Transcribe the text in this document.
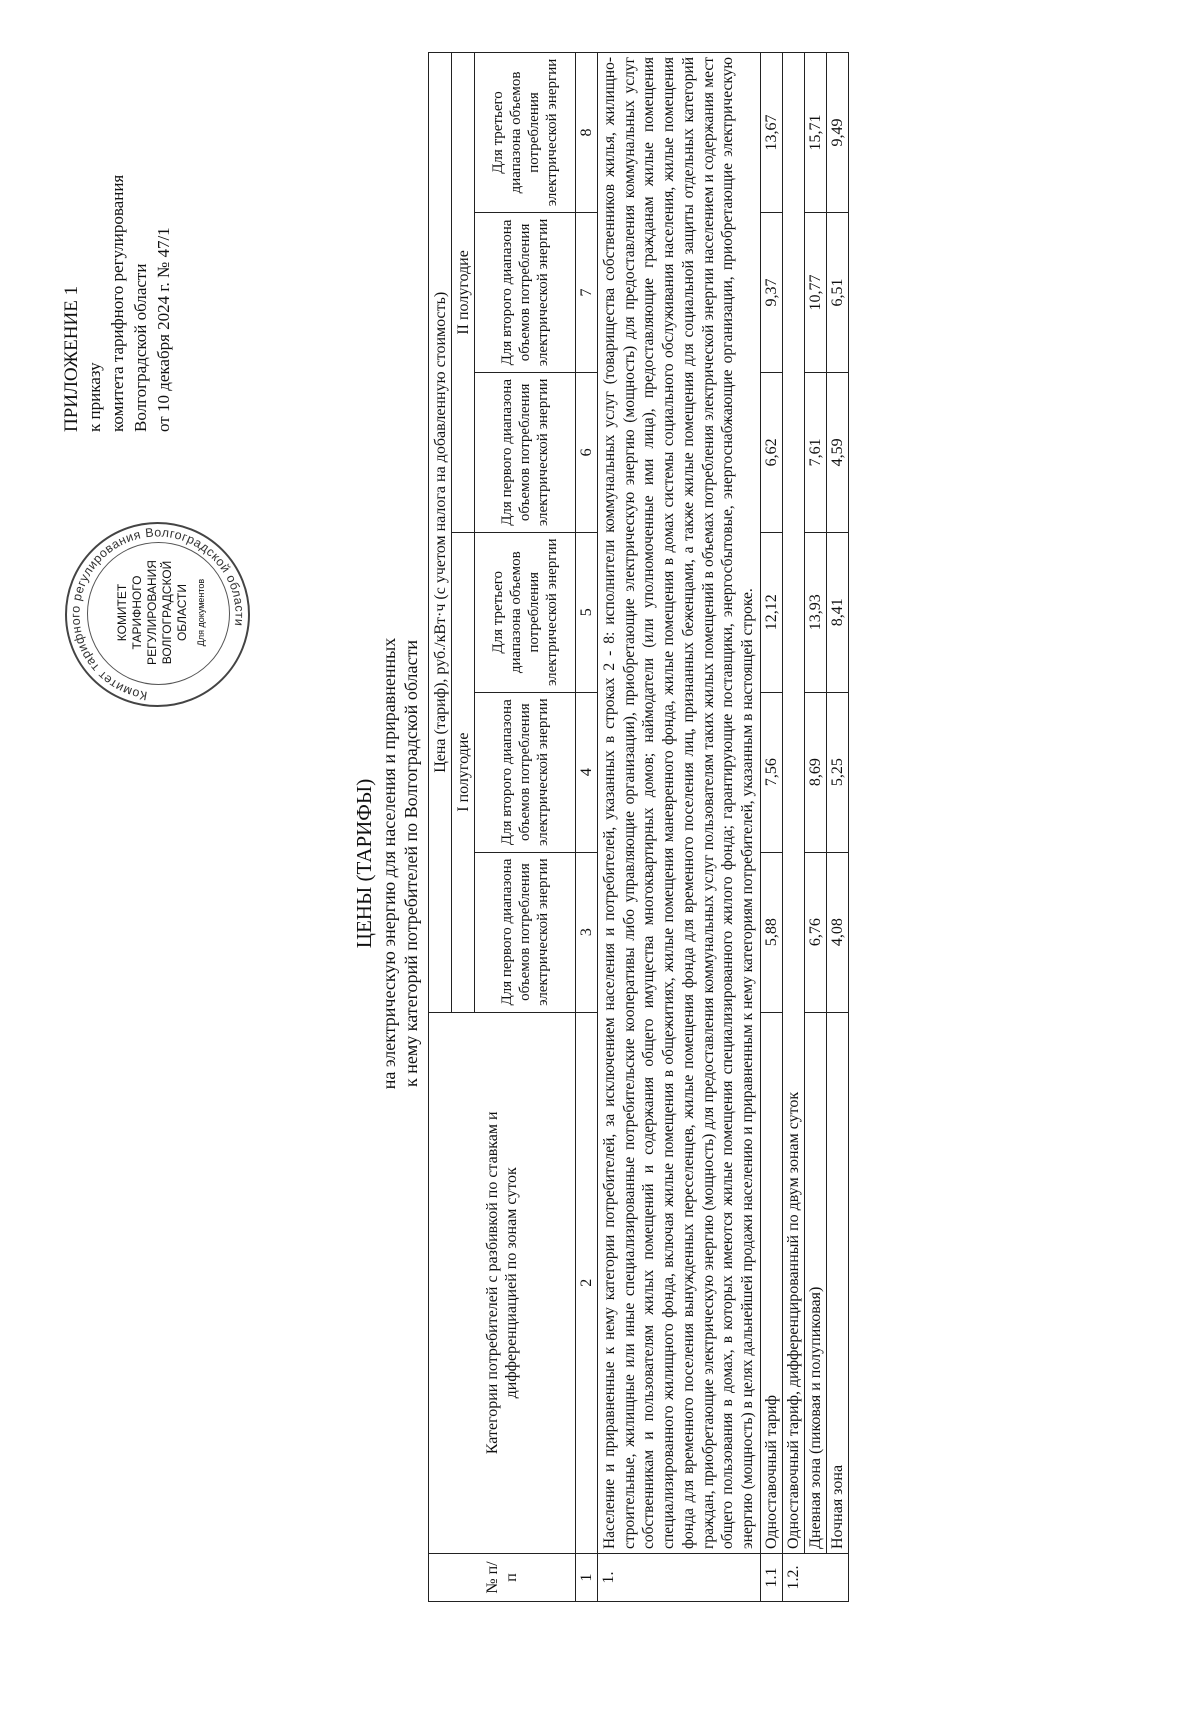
ПРИЛОЖЕНИЕ 1 к приказу комитета тарифного регулирования Волгоградской области от 10 декабря 2024 г. № 47/1
Комитет тарифного регулирования Волгоградской области
КОМИТЕТ ТАРИФНОГО РЕГУЛИРОВАНИЯ ВОЛГОГРАДСКОЙ ОБЛАСТИ Для документов
ЦЕНЫ (ТАРИФЫ) на электрическую энергию для населения и приравненных к нему категорий потребителей по Волгоградской области
№ п/п	Категории потребителей с разбивкой по ставкам и дифференциацией по зонам суток	Цена (тариф), руб./кВт·ч (с учетом налога на добавленную стоимость)					
		I полугодие			II полугодие		
		Для первого диапазона объемов потребления электрической энергии	Для второго диапазона объемов потребления электрической энергии	Для третьего диапазона объемов потребления электрической энергии	Для первого диапазона объемов потребления электрической энергии	Для второго диапазона объемов потребления электрической энергии	Для третьего диапазона объемов потребления электрической энергии
1	2	3	4	5	6	7	8
1.	Население и приравненные к нему категории потребителей, за исключением населения и потребителей, указанных в строках 2 - 8: исполнители коммунальных услуг (товарищества собственников жилья, жилищно-строительные, жилищные или иные специализированные потребительские кооперативы либо управляющие организации), приобретающие электрическую энергию (мощность) для предоставления коммунальных услуг собственникам и пользователям жилых помещений и содержания общего имущества многоквартирных домов; наймодатели (или уполномоченные ими лица), предоставляющие гражданам жилые помещения специализированного жилищного фонда, включая жилые помещения в общежитиях, жилые помещения маневренного фонда, жилые помещения в домах системы социального обслуживания населения, жилые помещения фонда для временного поселения вынужденных переселенцев, жилые помещения фонда для временного поселения лиц, признанных беженцами, а также жилые помещения для социальной защиты отдельных категорий граждан, приобретающие электрическую энергию (мощность) для предоставления коммунальных услуг пользователям таких жилых помещений в объемах потребления электрической энергии населением и содержания мест общего пользования в домах, в которых имеются жилые помещения специализированного жилого фонда; гарантирующие поставщики, энергосбытовые, энергоснабжающие организации, приобретающие электрическую энергию (мощность) в целях дальнейшей продажи населению и приравненным к нему категориям потребителей, указанным в настоящей строке.						
1.1	Одноставочный тариф	5,88	7,56	12,12	6,62	9,37	13,67
1.2.	Одноставочный тариф, дифференцированный по двум зонам суток						
	Дневная зона (пиковая и полупиковая)	6,76	8,69	13,93	7,61	10,77	15,71
	Ночная зона	4,08	5,25	8,41	4,59	6,51	9,49
